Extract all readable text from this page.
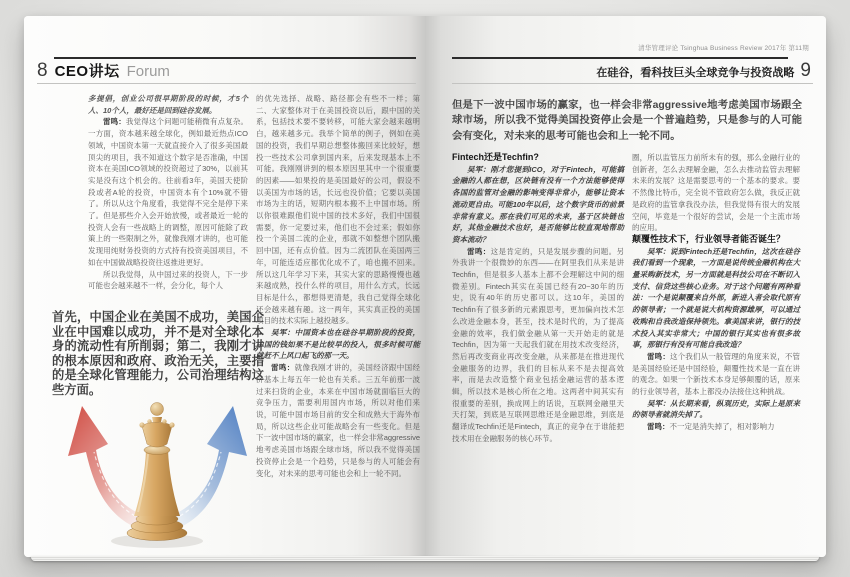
8 CEO讲坛 Forum

多提倡，创业公司很早期阶段的时候，才5个人、10个人，最好还是回到硅谷发展。

雷鸣：我觉得这个问题可能稍微有点复杂。一方面，资本越来越全球化，例如最近热点ICO领域，中国资本第一天就直接介入了很多美国最顶尖的项目，我不知道这个数字是否准确，中国资本在美国ICO领域的投资超过了30%，以前其实是没有这个机会的。往前看3年，美国天使阶段或者A轮的投资，中国资本有个10%就不错了。所以从这个角度看，我觉得不完全是停下来了。但是那些介入会开始放慢，或者最近一轮的投资人会有一些战略上的调整，原因可能除了政策上的一些限制之外，就像我刚才讲的，也可能发现用纯财务投资的方式持有投资美国项目，不如在中国做战略投资往返推进更好。

所以我觉得，从中国过来的投资人，下一步可能也会越来越不一样，会分化，每个人

首先，中国企业在美国不成功，美国企业在中国难以成功，并不是对全球化本身的流动性有所削弱；第二，我刚才讲的根本原因和政府、政治无关，主要指的是全球化管理能力，公司治理结构这些方面。

的优先选择、战略、路径都会有些不一样；第二、大家整体对于在美国投资以后，跟中国的关系，包括技术要不要转移，可能大家会越来越明白，越来越多元。我举个简单的例子，例如在美国的投资，我们早期总想整体搬回来比较好，想投一些技术公司拿到国内来，后来发现基本上不可能。我刚刚讲到的根本原因里其中一个很重要的因素——如果投的是美国最好的公司，假设不以美国为市场的话，长远也没价值；它要以美国市场为主的话，短期内根本搬不上中国市场。所以你很难跟他们说中国的技术多好，我们中国很需要，你一定要过来，他们也不会过来；假如你投一个美国二流的企业，那就不如整想个团队搬回中国，还有点价值。因为二流团队在美国两三年，可能连适应都优化成不了，咱也搬不回来。所以这几年学习下来，其实大家的思路慢慢也越来越成熟，投什么样的项目，用什么方式，长远目标是什么，都想得更清楚，我自己觉得全球化还会越来越有趣。这一两年，其实真正投的美国项目的技术实际上越投越多。

吴军：中国资本也在硅谷早期阶段的投资，中国的钱如果不是比较早的投入，很多时候可能就赶不上风口起飞的那一天。

雷鸣：就像我刚才讲的，美国经济跟中国经济基本上每五年一轮也有关系。三五年前那一波过来扫货的企业，本来在中国市场就面临巨大的竞争压力，需要利用国内市场，所以对他们来说，可能中国市场目前的安全和成熟大于海外布局，所以这些企业可能战略会有一些变化。但是下一波中国市场的赢家，也一样会非常aggressive地考虑美国市场跟全球市场，所以我不觉得美国投资停止会是一个趋势，只是参与的人可能会有变化，对未来的思考可能也会和上一轮不同。

清华管理评论 Tsinghua Business Review 2017年 第11期
在硅谷，看科技巨头全球竞争与投资战略 9
但是下一波中国市场的赢家，也一样会非常aggressive地考虑美国市场跟全球市场，所以我不觉得美国投资停止会是一个普遍趋势，只是参与的人可能会有变化，对未来的思考可能也会和上一轮不同。

Fintech还是Techfin?

吴军：刚才您提到ICO，对于Fintech，可能搞金融的人都在想，区块链有没有一个方法能够使得各国的监管对金融的影响变得非常小，能够让资本流动更自由。可能100年以后，这个数字货币的前景非常有意义。那在我们可见的未来，基于区块链也好，其他金融技术也好，是否能够比较直观地帮助资本流动？

雷鸣：这是肯定的，只是发展步骤的问题。另外我讲一个很微妙的东西——在阿里我们从来是讲Techfin，但是很多人基本上都不会理解这中间的细微差别。Fintech其实在美国已经有20~30年的历史，说有40年的历史都可以。这10年，美国的Techfin有了很多新的元素跟思考，更加偏向技术怎么改进金融本身，甚至，技术是时代的，为了提高金融的效率，我们做金融从第一天开始走的就是Techfin，因为第一天起我们就在用技术改变经济，然后再改变商业再改变金融，从来都是在推进现代金融服务的边界，我们的目标从来不是去提高效率，而是去改造整个商业包括金融运营的基本逻辑，所以技术是核心所在之地。这两者中间其实有很重要的差别，换成网上的话说，互联网金融里天天打架，到底是互联网思维还是金融思维，到底是翻译成Techfin还是Fintech，真正的竞争在于谁能把技术用在金融服务的核心环节。

圈，所以监管压力前所未有的强，那么金融行业的创新者，怎么去理解金融，怎么去推动监管去理解未来的发展？这是需要思考的一个基本的要求。要不然像比特币，完全说不管政府怎么做，我反正就是政府的监管拿我没办法，但我觉得有很大的发展空间，毕竟是一个很好的尝试，会是一个主流市场的应用。

颠覆性技术下，行业领导者能否诞生？

吴军：说到Fintech还是Techfin，这次在硅谷我们看到一个现象，一方面是说传统金融机构在大量采购新技术，另一方面就是科技公司在不断切入支付、信贷这些核心业务。对于这个问题有两种看法：一个是说颠覆来自外部，新进入者会取代原有的领导者；一个就是说大机构资源雄厚，可以通过收购和自我改造保持领先。拿美国来讲，银行的技术投入其实非常大；中国的银行其实也有很多故事，那银行有没有可能自我改造？

雷鸣：这个我们从一般管理的角度来说，不管是美国经验还是中国经验，颠覆性技术是一直在讲的观念。如果一个新技术本身足够颠覆的话，原来的行业领导者，基本上都没办法接住这种挑战。

吴军：从长期来看，纵观历史，实际上是原来的领导者就消失掉了。

雷鸣：不一定是消失掉了，相对影响力
